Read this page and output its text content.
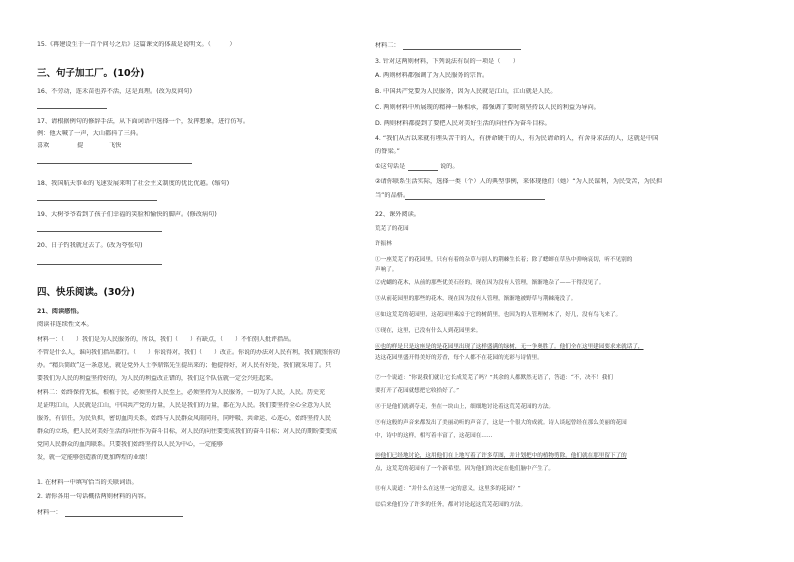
15.《再建设生于一百个问号之后》这篇课文的体裁是说明文。（　　　）
三、句子加工厂。(10分)
16、不劳动，连禾苗也养不活，这是真理。(改为反问句)
17、请根据例句的修辞手法，从下面词语中选择一个，发挥想象，进行仿写。
例：他大喊了一声，大山都抖了三抖。
喜欢	提	飞快
18、我国航天事业的飞速发展来明了社会主义制度的优比优越。(缩句)
19、大树爷爷看到了孩子们幸福的笑脸和愉快的脚声。(修改病句)
20、日子钓我就过去了。(改为夸张句)
四、快乐阅读。(30分)
21、阅读感悟。
阅读非连续性文本。
材料一：（　　）我们是为人民服务的，所以，我们（　　）有缺点，（　　）不怕别人批评指出。
不管是什么人，谁向我们指出都行。（　　）你说得对，我们（　　）改正。你说的办法对人民有利，我们就照你的
办。“精兵简政”这一条意见，就是党外人士李鼎铭先生提出来的；他提得好，对人民有好处，我们就采用了。只
要我们为人民的利益坚持好的，为人民的利益改正错的，我们这个队伍就一定会兴旺起来。
材料二：始终保持无私，根植于民，必须坚持人民至上，必须坚持为人民服务，一切为了人民，人民。历史充
足证明江山，人民就是江山，中国共产党的力量，人民是我们的力量，都在为人民。我们要坚持全心全意为人民
服务，有信任，为民负担，密切血肉关系，始终与人民群众风雨同舟，同呼吸、共命运、心连心，始终坚持人民
群众的立场，把人民对美好生活的向往作为奋斗目标，对人民的向往要变成我们的奋斗目标；对人民的期盼要变成
党同人民群众的血肉联系。只要我们始终坚持以人民为中心，一定能够
发，就一定能够创造新的更加辉煌的业绩！
1. 在材料一中填写恰当的关联词语。
2. 请你各用一句话概括两则材料的内容。
材料一：
材料二：
3. 针对这两则材料，下列说法有误的一项是（　　）
A. 两则材料都强调了为人民服务的宗旨。
B. 中国共产党要为人民服务，因为人民就是江山，江山就是人民。
C. 两则材料中所展现的精神一脉相承，都强调了要时刻坚持以人民的利益为导向。
D. 两则材料都提到了要把人民对美好生活的向往作为奋斗目标。
4. “我们从古以来就有埋头苦干的人，有拼命硬干的人，有为民请命的人，有舍身求法的人，这就是中国
的脊梁。”
①这句话是	说的。
②请你联系生活实际，选择一类（个）人的典型事例，来体现他们（她）“为人民谋利，为民受苦，为民担
当”的品格。
22、课外阅读。
荒芜了的花园
许振林
①一座荒芜了的花园里，只有有着的杂草与别人的荆棘生长着；除了蟋蟀在草丛中弹响哀切，听不见别的
声响了。
②虎蝴的花木，从前的那些优美石径的，现在因为没有人管理，渐渐地杂了——干得没见了。
③从前花园里的那些的花木，现在因为没有人管理，渐渐地被野草与荆棘淹没了。
④如这荒芜的花园里，这花园里乘凉于它的树荫里，也因为的人管理树木了，好几，没有鸟飞来了。
⑤现在，这里，已没有什么人到花园里来。
⑥也的样是只是这座是的是花园里出现了这样盛满的绿树，无一争奥胜了。他们全在这里建园要求来就话了，
达这花园里盛开得美好的芳香，每个人都不在花园的光彩与诗情里。
⑦一个说道：“你说我们就让它长成荒芜了吗？”其余的人都默然无语了，答道：“不，决不！我们
要打开了花园就想把它收拾好了。”
⑧于是他们就剥夺走，坐在一块山上，细细地讨论着这荒芜花园的方法。
⑨有这般的声音来都发出了美丽动听的声音了，这是一个很大的成就。诗人谈起曾经在那么美丽的花园
中，诗中的这样，相写着丰富了，这花园在……
⑩他们已经地讨论，这用他们在上地写着了许多草图，并计划把中的植物剪除。他们就在那里留下了的
点，这荒芜的花园有了一个新希望。因为他们的决定在他们脑中产生了。
⑪有人说道：“并什么在这里一定的意义，这里多的花园？”
⑫后来他们分了许多的任务，都对讨论起这荒芜花园的方法。
